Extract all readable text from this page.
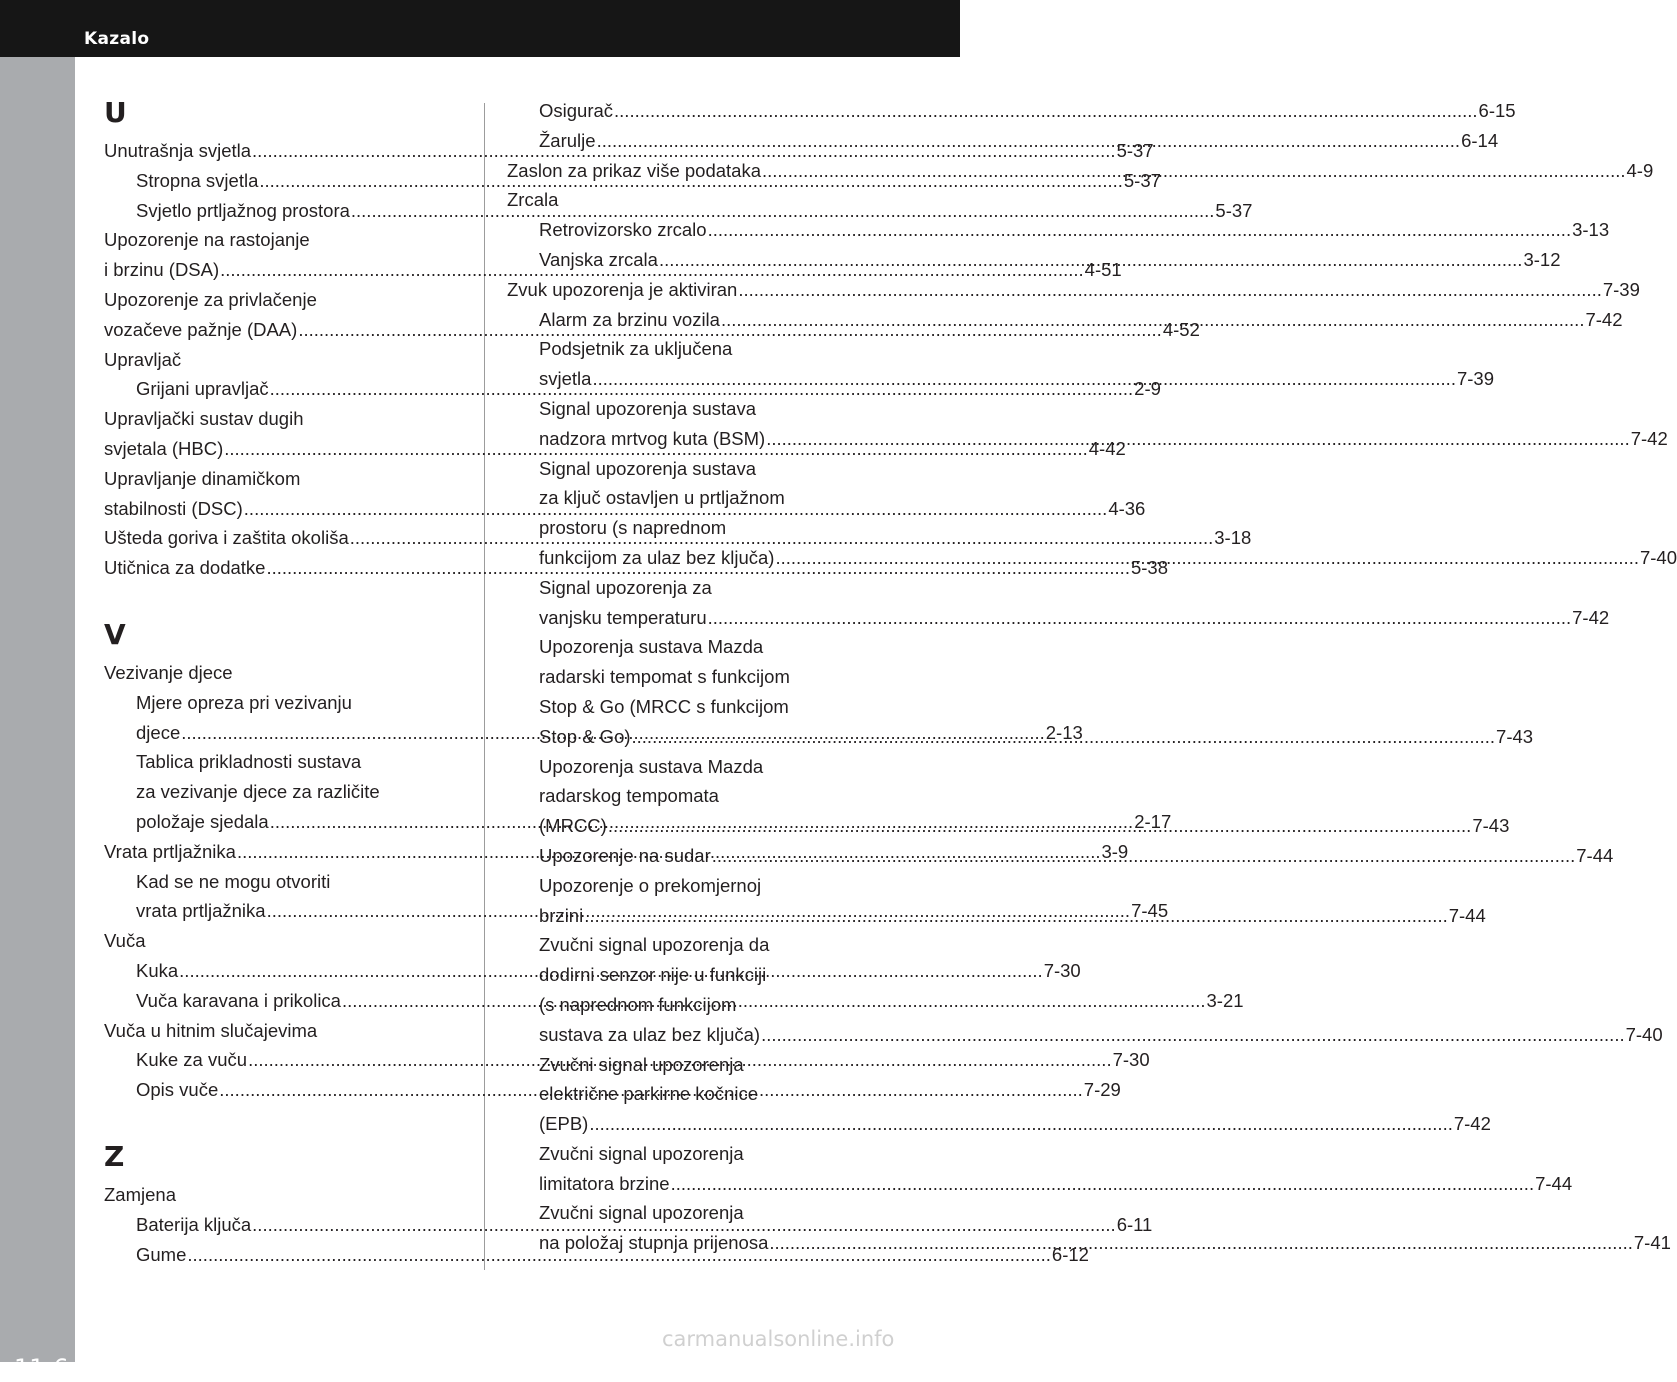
Kazalo
11-6
U
Unutrašnja svjetla .....	5-37
Stropna svjetla .....	5-37
Svjetlo prtljažnog prostora .....	5-37
Upozorenje na rastojanje
i brzinu (DSA) .....	4-51
Upozorenje za privlačenje
vozačeve pažnje (DAA) .....	4-52
Upravljač
Grijani upravljač .....	2-9
Upravljački sustav dugih
svjetala (HBC) .....	4-42
Upravljanje dinamičkom
stabilnosti (DSC) .....	4-36
Ušteda goriva i zaštita okoliša .....	3-18
Utičnica za dodatke .....	5-38
V
Vezivanje djece
Mjere opreza pri vezivanju
djece .....	2-13
Tablica prikladnosti sustava
za vezivanje djece za različite
položaje sjedala .....	2-17
Vrata prtljažnika .....	3-9
Kad se ne mogu otvoriti
vrata prtljažnika .....	7-45
Vuča
Kuka .....	7-30
Vuča karavana i prikolica .....	3-21
Vuča u hitnim slučajevima
Kuke za vuču .....	7-30
Opis vuče .....	7-29
Z
Zamjena
Baterija ključa .....	6-11
Gume .....	6-12
Osigurač .....	6-15
Žarulje .....	6-14
Zaslon za prikaz više podataka .....	4-9
Zrcala
Retrovizorsko zrcalo .....	3-13
Vanjska zrcala .....	3-12
Zvuk upozorenja je aktiviran .....	7-39
Alarm za brzinu vozila .....	7-42
Podsjetnik za uključena
svjetla .....	7-39
Signal upozorenja sustava
nadzora mrtvog kuta (BSM) .....	7-42
Signal upozorenja sustava
za ključ ostavljen u prtljažnom
prostoru (s naprednom
funkcijom za ulaz bez ključa) .....	7-40
Signal upozorenja za
vanjsku temperaturu .....	7-42
Upozorenja sustava Mazda
radarski tempomat s funkcijom
Stop & Go (MRCC s funkcijom
Stop & Go) .....	7-43
Upozorenja sustava Mazda
radarskog tempomata
(MRCC) .....	7-43
Upozorenje na sudar .....	7-44
Upozorenje o prekomjernoj
brzini .....	7-44
Zvučni signal upozorenja da
dodirni senzor nije u funkciji
(s naprednom funkcijom
sustava za ulaz bez ključa) .....	7-40
Zvučni signal upozorenja
električne parkirne kočnice
(EPB) .....	7-42
Zvučni signal upozorenja
limitatora brzine .....	7-44
Zvučni signal upozorenja
na položaj stupnja prijenosa .....	7-41
carmanualsonline.info
